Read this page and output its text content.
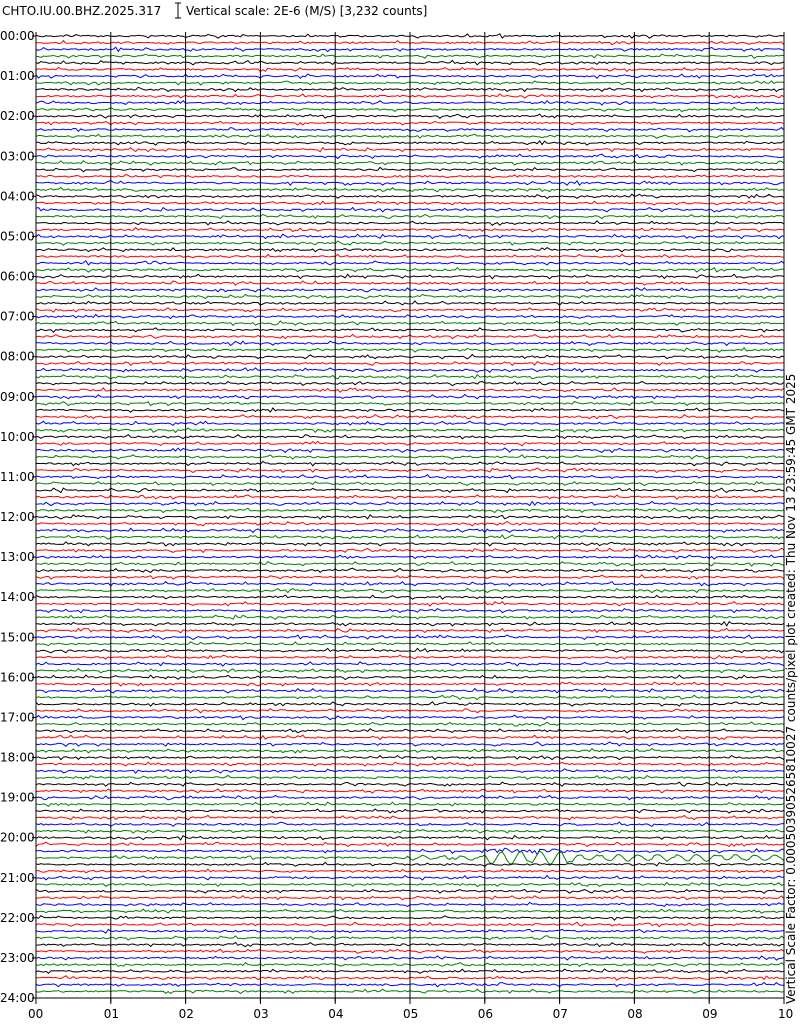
00:00
01:00
02:00
03:00
04:00
05:00
06:00
07:00
08:00
09:00
10:00
11:00
12:00
13:00
14:00
15:00
16:00
17:00
18:00
19:00
20:00
21:00
22:00
23:00
24:00
00	01	02	03	04	05	06	07	08	09	10
CHTO.IU.00.BHZ.2025.317 Vertical scale: 2E-6 (M/S) [3,232 counts]
Vertical Scale Factor: 0.000503905265810027 counts/pixel plot created: Thu Nov 13 23:59:45 GMT 2025
